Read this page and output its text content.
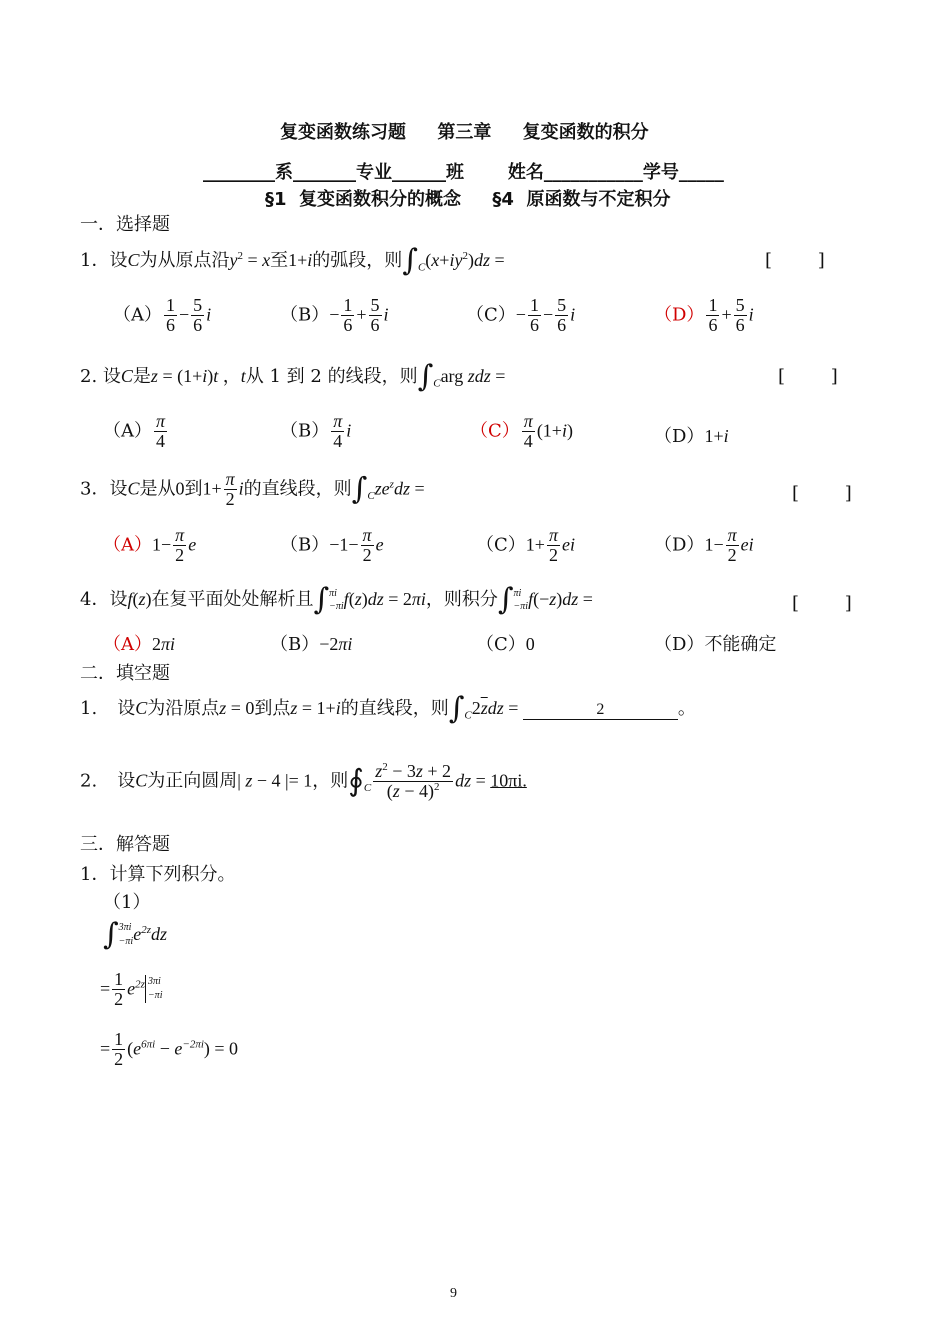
复变函数练习题     第三章     复变函数的积分
________系_______专业______班       姓名___________学号_____
§1  复变函数积分的概念     §4  原函数与不定积分
一．选择题
1．设C为从原点沿$y^2 = x$至1+i的弧段，则$\int_C(x+iy^2)dz$ =	[        ]
$(A) \frac{1}{6} - \frac{5}{6}$ i	$(B)- \frac{1}{6} + \frac{5}{6}$ i	$(C)- \frac{1}{6} - \frac{5}{6}$ i	$(D) \frac{1}{6} + \frac{5}{6}$ i
2. 设C是z = (1+i)t ，t从 1 到 2 的线段，则$\int_Carg$ zdz =	[        ]
$(A) \frac{\pi}{4}$	$(B) \frac{\pi}{4}$ i	$(C) \frac{\pi}{4} (1+i)$	（D）1+i
3．设C是从0到$1+ \frac{\pi}{2}$ i的直线段，则$\int_Cze^zdz$ =	[        ]
$(A)1- \frac{\pi}{2}$ e	$(B)-1- \frac{\pi}{2}$ e	$(C)1+ \frac{\pi}{2}$ ei	$(D)1- \frac{\pi}{2}$ ei
4．设f(z)在复平面处处解析且∫ πi
−πi f(z)dz = 2πi，则积分∫ πi
−πi f(−z)dz =	[        ]
（A）2πi	（B）−2πi	（C）0	（D）不能确定
二．填空题
1. 设C为沿原点z = 0到点z = 1+i的直线段，则$\int_C2\overline{z}dz$ =	2	。
2. 设C为正向圆周| z − 4 |= 1，则$∮_C \frac{z^2 - 3z + 2}{(z - 4)^2}$ dz = 10πi.
三．解答题
1．计算下列积分。
（1）
∫ 3πi
−πi $e^{2z}dz$
= $\frac{1}{2} e^{2z}$ 3πi
−πi
= $\frac{1}{2} (e^{6\pi i} - e^{-2\pi i}) = 0$
9
